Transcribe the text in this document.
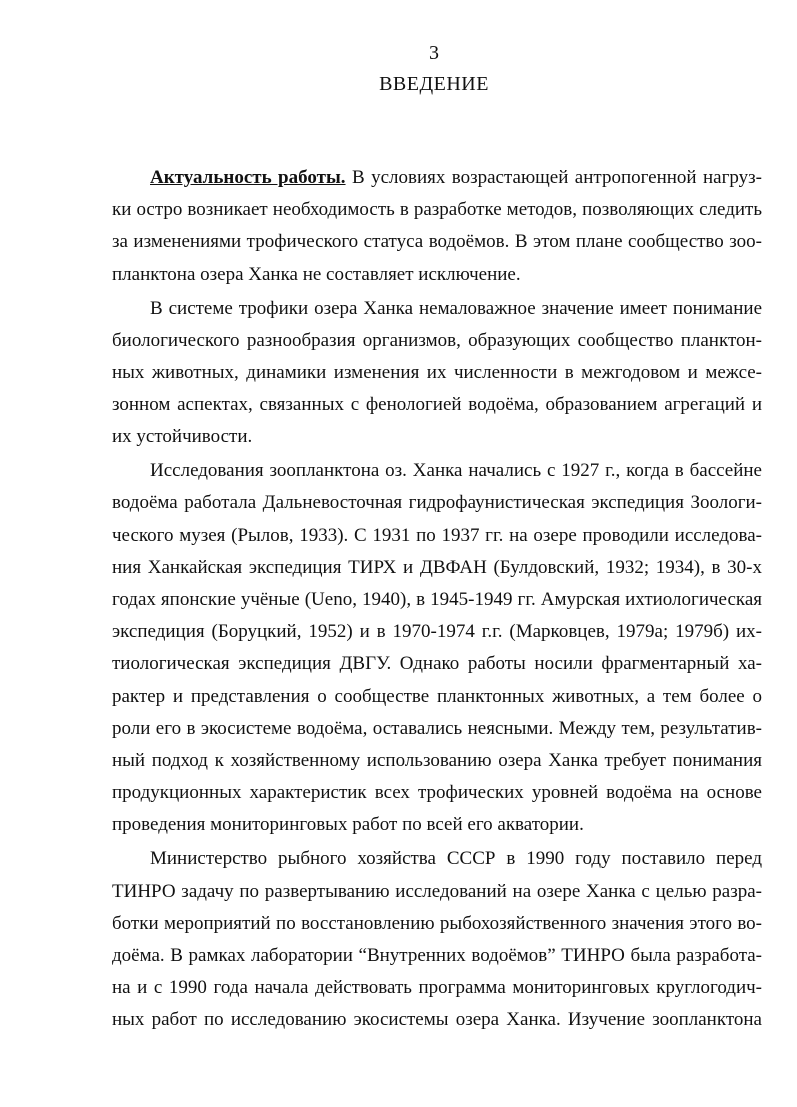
3
ВВЕДЕНИЕ
Актуальность работы. В условиях возрастающей антропогенной нагруз-
ки остро возникает необходимость в разработке методов, позволяющих следить
за изменениями трофического статуса водоёмов. В этом плане сообщество зоо-
планктона озера Ханка не составляет исключение.
В системе трофики озера Ханка немаловажное значение имеет понимание
биологического разнообразия организмов, образующих сообщество планктон-
ных животных, динамики изменения их численности в межгодовом и межсе-
зонном аспектах, связанных с фенологией водоёма, образованием агрегаций и
их устойчивости.
Исследования зоопланктона оз. Ханка начались с 1927 г., когда в бассейне
водоёма работала Дальневосточная гидрофаунистическая экспедиция Зоологи-
ческого музея (Рылов, 1933). С 1931 по 1937 гг. на озере проводили исследова-
ния Ханкайская экспедиция ТИРХ и ДВФАН (Булдовский, 1932; 1934), в 30-х
годах японские учёные (Ueno, 1940), в 1945-1949 гг. Амурская ихтиологическая
экспедиция (Боруцкий, 1952) и в 1970-1974 г.г. (Марковцев, 1979а; 1979б) их-
тиологическая экспедиция ДВГУ. Однако работы носили фрагментарный ха-
рактер и представления о сообществе планктонных животных, а тем более о
роли его в экосистеме водоёма, оставались неясными. Между тем, результатив-
ный подход к хозяйственному использованию озера Ханка требует понимания
продукционных характеристик всех трофических уровней водоёма на основе
проведения мониторинговых работ по всей его акватории.
Министерство рыбного хозяйства СССР в 1990 году поставило перед
ТИНРО задачу по развертыванию исследований на озере Ханка с целью разра-
ботки мероприятий по восстановлению рыбохозяйственного значения этого во-
доёма. В рамках лаборатории “Внутренних водоёмов” ТИНРО была разработа-
на и с 1990 года начала действовать программа мониторинговых круглогодич-
ных работ по исследованию экосистемы озера Ханка. Изучение зоопланктона
